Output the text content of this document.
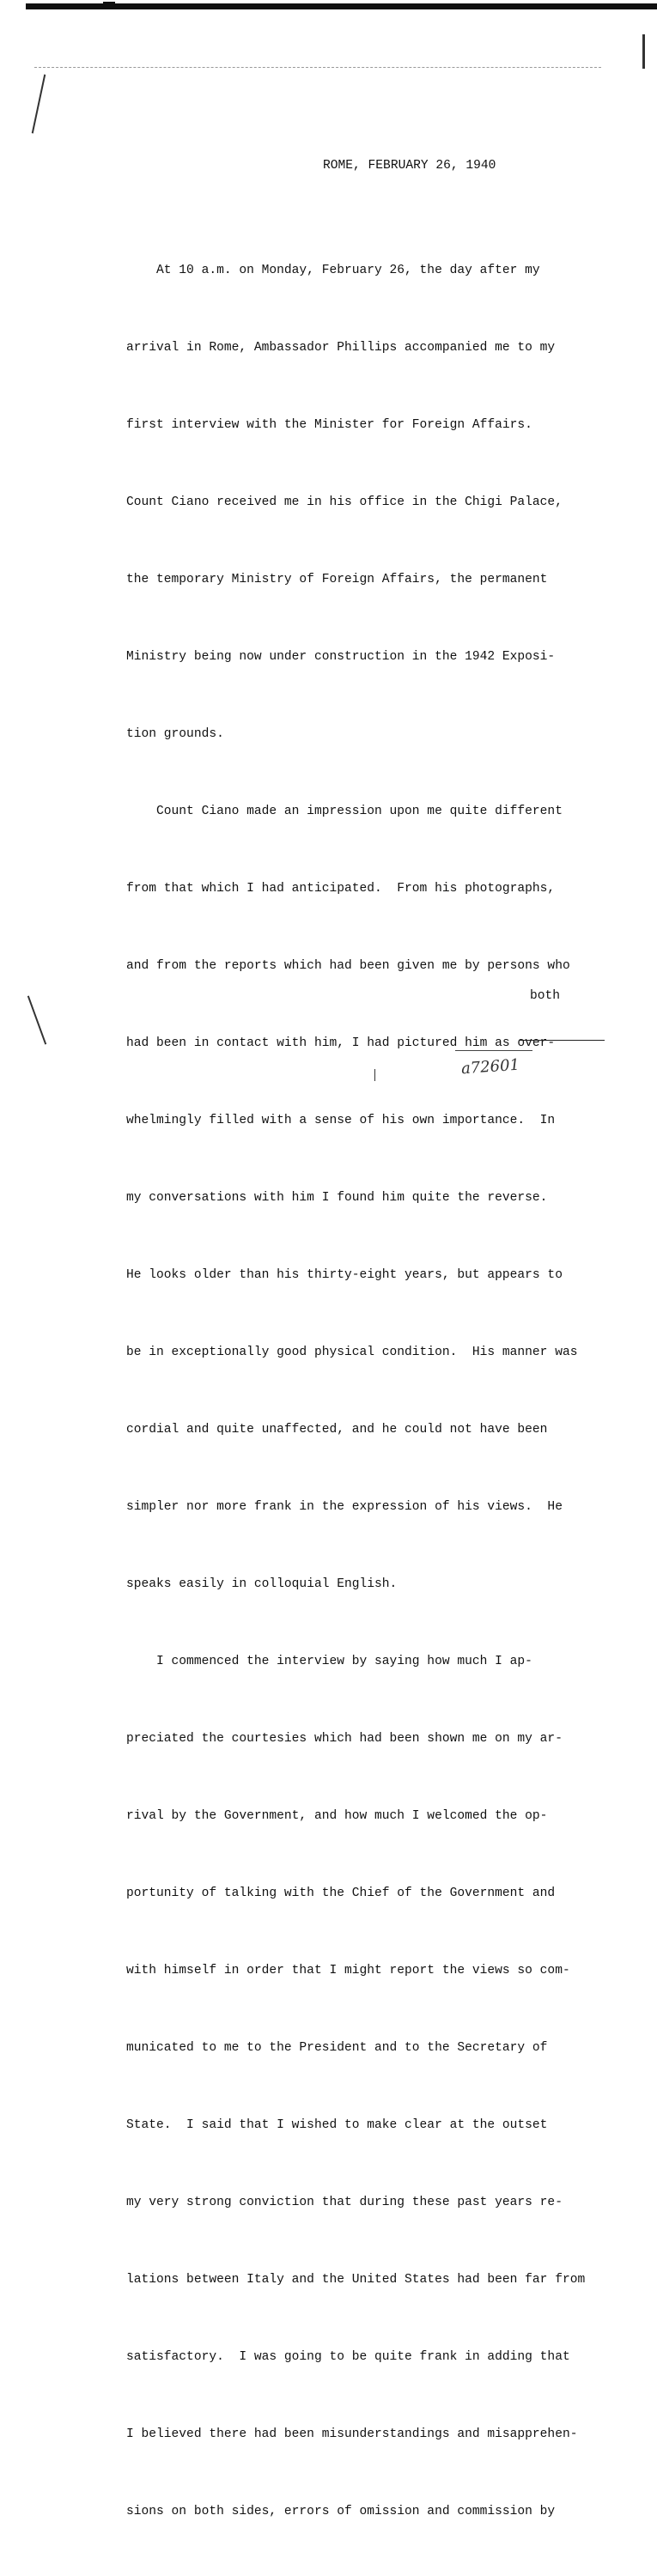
ROME, FEBRUARY 26, 1940

At 10 a.m. on Monday, February 26, the day after my

arrival in Rome, Ambassador Phillips accompanied me to my

first interview with the Minister for Foreign Affairs.

Count Ciano received me in his office in the Chigi Palace,

the temporary Ministry of Foreign Affairs, the permanent

Ministry being now under construction in the 1942 Exposi-

tion grounds.

Count Ciano made an impression upon me quite different

from that which I had anticipated.  From his photographs,

and from the reports which had been given me by persons who

had been in contact with him, I had pictured him as over-

whelmingly filled with a sense of his own importance.  In

my conversations with him I found him quite the reverse.

He looks older than his thirty-eight years, but appears to

be in exceptionally good physical condition.  His manner was

cordial and quite unaffected, and he could not have been

simpler nor more frank in the expression of his views.  He

speaks easily in colloquial English.

I commenced the interview by saying how much I ap-

preciated the courtesies which had been shown me on my ar-

rival by the Government, and how much I welcomed the op-

portunity of talking with the Chief of the Government and

with himself in order that I might report the views so com-

municated to me to the President and to the Secretary of

State.  I said that I wished to make clear at the outset

my very strong conviction that during these past years re-

lations between Italy and the United States had been far from

satisfactory.  I was going to be quite frank in adding that

I believed there had been misunderstandings and misapprehen-

sions on both sides, errors of omission and commission by

both
a72601
